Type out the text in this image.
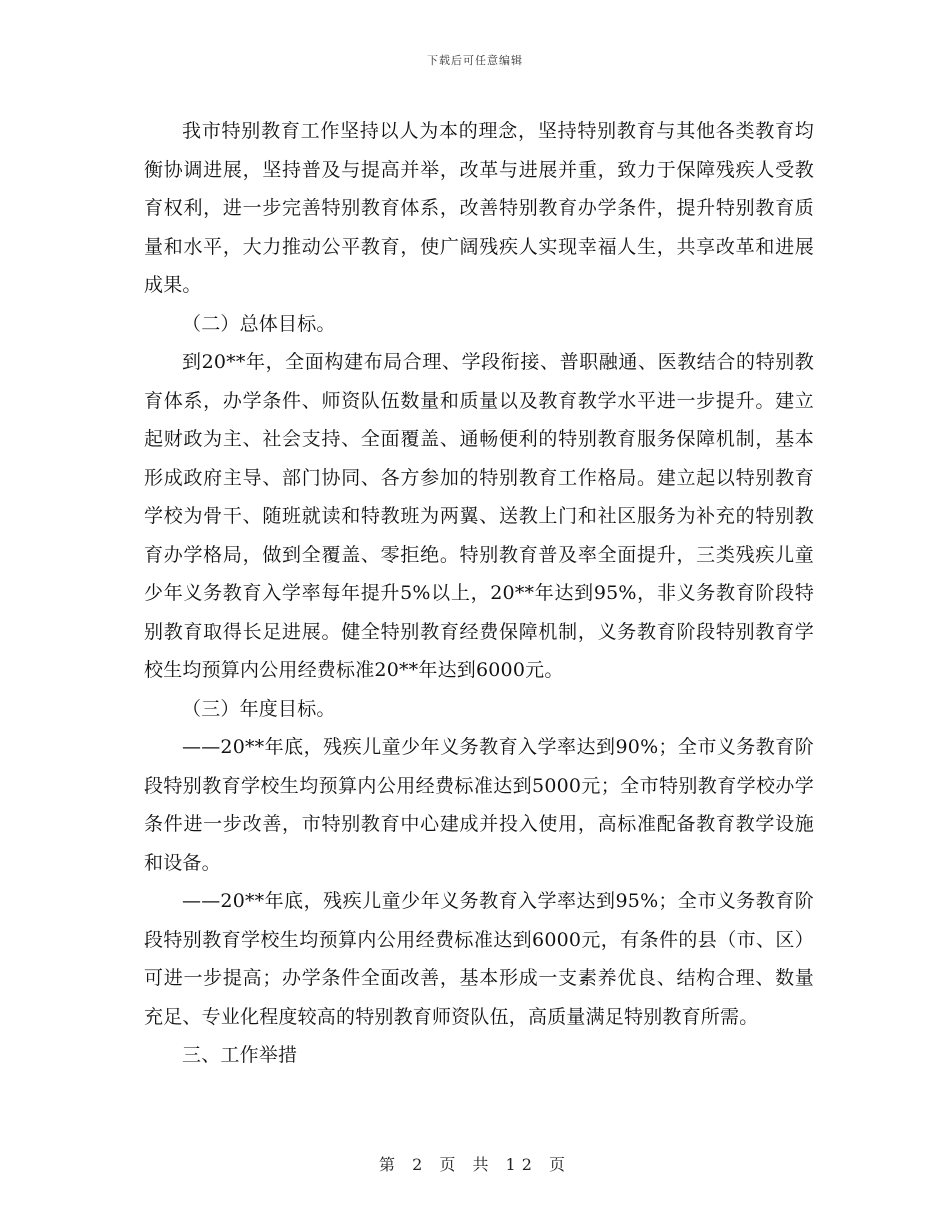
下载后可任意编辑

我市特别教育工作坚持以人为本的理念，坚持特别教育与其他各类教育均衡协调进展，坚持普及与提高并举，改革与进展并重，致力于保障残疾人受教育权利，进一步完善特别教育体系，改善特别教育办学条件，提升特别教育质量和水平，大力推动公平教育，使广阔残疾人实现幸福人生，共享改革和进展成果。

（二）总体目标。

到20**年，全面构建布局合理、学段衔接、普职融通、医教结合的特别教育体系，办学条件、师资队伍数量和质量以及教育教学水平进一步提升。建立起财政为主、社会支持、全面覆盖、通畅便利的特别教育服务保障机制，基本形成政府主导、部门协同、各方参加的特别教育工作格局。建立起以特别教育学校为骨干、随班就读和特教班为两翼、送教上门和社区服务为补充的特别教育办学格局，做到全覆盖、零拒绝。特别教育普及率全面提升，三类残疾儿童少年义务教育入学率每年提升5%以上，20**年达到95%，非义务教育阶段特别教育取得长足进展。健全特别教育经费保障机制，义务教育阶段特别教育学校生均预算内公用经费标准20**年达到6000元。

（三）年度目标。

——20**年底，残疾儿童少年义务教育入学率达到90%；全市义务教育阶段特别教育学校生均预算内公用经费标准达到5000元；全市特别教育学校办学条件进一步改善，市特别教育中心建成并投入使用，高标准配备教育教学设施和设备。

——20**年底，残疾儿童少年义务教育入学率达到95%；全市义务教育阶段特别教育学校生均预算内公用经费标准达到6000元，有条件的县（市、区）可进一步提高；办学条件全面改善，基本形成一支素养优良、结构合理、数量充足、专业化程度较高的特别教育师资队伍，高质量满足特别教育所需。

三、工作举措

第 2 页 共 12 页
